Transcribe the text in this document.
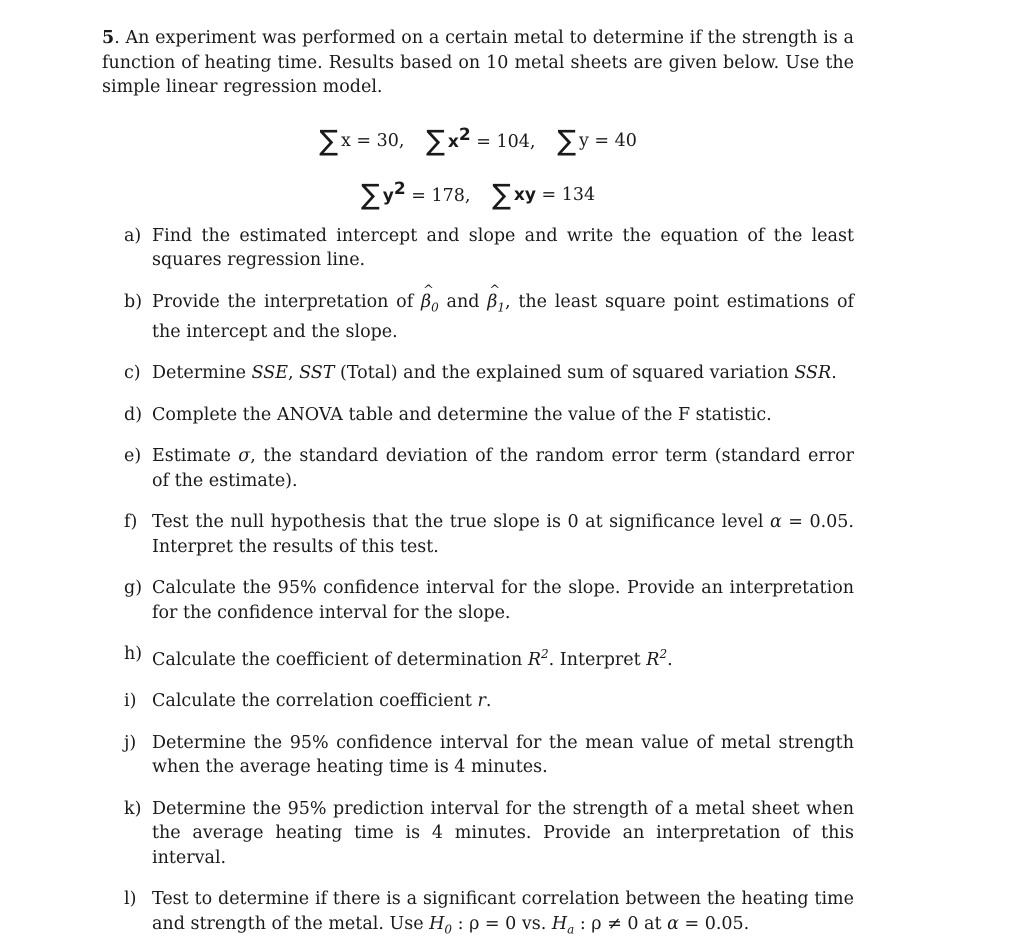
5. An experiment was performed on a certain metal to determine if the strength is a function of heating time. Results based on 10 metal sheets are given below. Use the simple linear regression model.

∑ x = 30, ∑ $x^2 = 104$, ∑ y = 40
∑ $y^2 = 178$, ∑ xy = 134
a) Find the estimated intercept and slope and write the equation of the least squares regression line.
b) Provide the interpretation of ^ $\beta_0$ and ^ $\beta_1$, the least square point estimations of the intercept and the slope.
c) Determine SSE, SST (Total) and the explained sum of squared variation SSR.
d) Complete the ANOVA table and determine the value of the F statistic.
e) Estimate σ, the standard deviation of the random error term (standard error of the estimate).
f) Test the null hypothesis that the true slope is 0 at significance level α = 0.05. Interpret the results of this test.
g) Calculate the 95% confidence interval for the slope. Provide an interpretation for the confidence interval for the slope.
h) Calculate the coefficient of determination $R^2$. Interpret $R^2$.
i) Calculate the correlation coefficient r.
j) Determine the 95% confidence interval for the mean value of metal strength when the average heating time is 4 minutes.
k) Determine the 95% prediction interval for the strength of a metal sheet when the average heating time is 4 minutes. Provide an interpretation of this interval.
l) Test to determine if there is a significant correlation between the heating time and strength of the metal. Use $H_0$ : ρ = 0 vs. $H_a$ : ρ ≠ 0 at α = 0.05.
